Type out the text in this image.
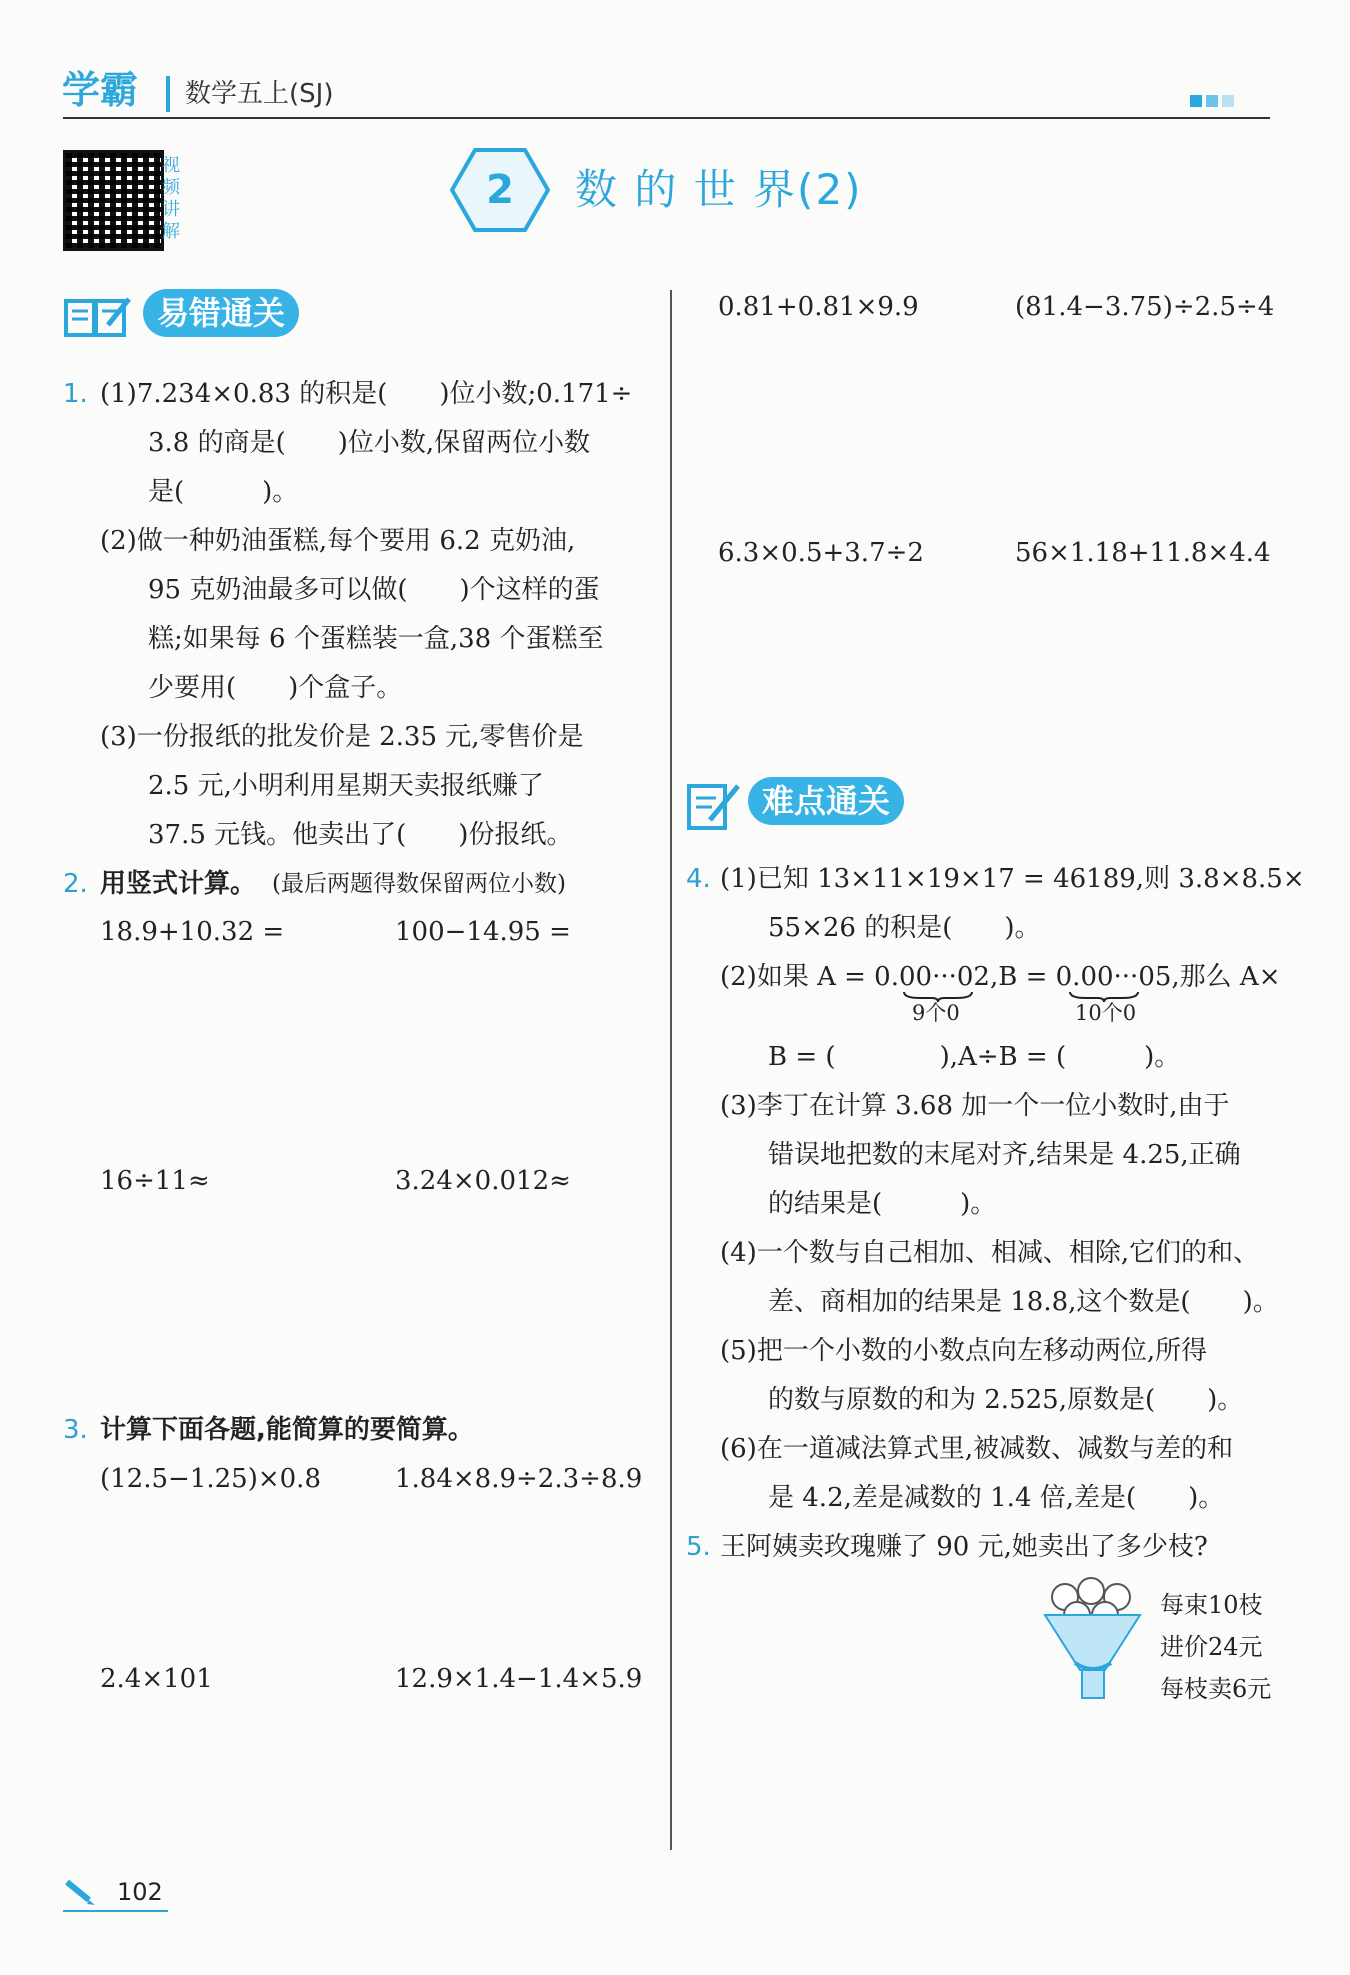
学霸 数学五上(SJ)
视频讲解
2	数 的 世 界(2)
易错通关
1. (1)7.234×0.83 的积是(　　)位小数;0.171÷
3.8 的商是(　　)位小数,保留两位小数
是(　　　)。
(2)做一种奶油蛋糕,每个要用 6.2 克奶油,
95 克奶油最多可以做(　　)个这样的蛋
糕;如果每 6 个蛋糕装一盒,38 个蛋糕至
少要用(　　)个盒子。
(3)一份报纸的批发价是 2.35 元,零售价是
2.5 元,小明利用星期天卖报纸赚了
37.5 元钱。他卖出了(　　)份报纸。
2. 用竖式计算。 (最后两题得数保留两位小数)
18.9+10.32 =	100−14.95 =
16÷11≈	3.24×0.012≈
3. 计算下面各题,能简算的要简算。
(12.5−1.25)×0.8	1.84×8.9÷2.3÷8.9
2.4×101	12.9×1.4−1.4×5.9
0.81+0.81×9.9	(81.4−3.75)÷2.5÷4
6.3×0.5+3.7÷2	56×1.18+11.8×4.4
难点通关
4. (1)已知 13×11×19×17 = 46189,则 3.8×8.5×
55×26 的积是(　　)。
(2)如果 A = 0.00···02,B = 0.00···05,那么 A×
9个0	10个0
B = (　　　　),A÷B = (　　　)。
(3)李丁在计算 3.68 加一个一位小数时,由于
错误地把数的末尾对齐,结果是 4.25,正确
的结果是(　　　)。
(4)一个数与自己相加、相减、相除,它们的和、
差、商相加的结果是 18.8,这个数是(　　)。
(5)把一个小数的小数点向左移动两位,所得
的数与原数的和为 2.525,原数是(　　)。
(6)在一道减法算式里,被减数、减数与差的和
是 4.2,差是减数的 1.4 倍,差是(　　)。
5. 王阿姨卖玫瑰赚了 90 元,她卖出了多少枝?
每束10枝
进价24元
每枝卖6元
102
